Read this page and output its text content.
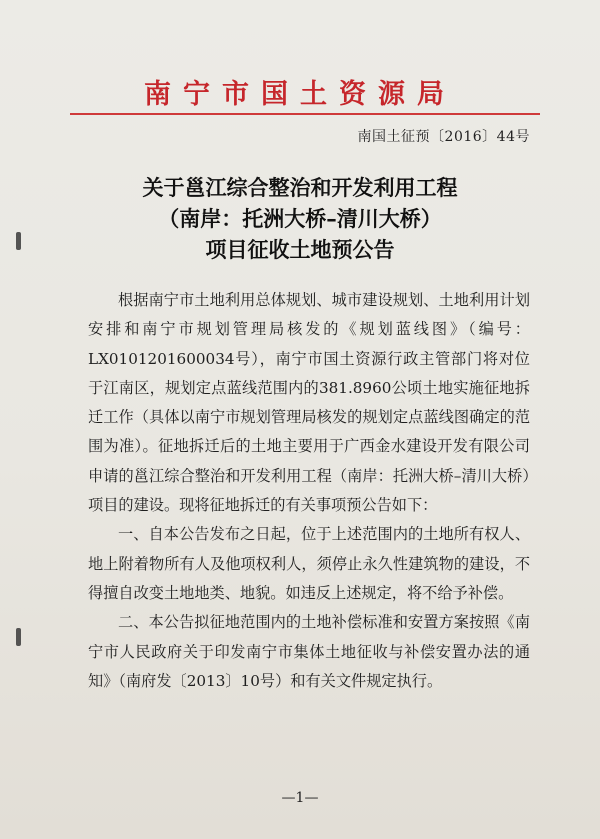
南宁市国土资源局
南国土征预〔2016〕44号
关于邕江综合整治和开发利用工程
（南岸：托洲大桥–清川大桥）
项目征收土地预公告

根据南宁市土地利用总体规划、城市建设规划、土地利用计划安排和南宁市规划管理局核发的《规划蓝线图》（编号：LX0101201600034号），南宁市国土资源行政主管部门将对位于江南区，规划定点蓝线范围内的381.8960公顷土地实施征地拆迁工作（具体以南宁市规划管理局核发的规划定点蓝线图确定的范围为准）。征地拆迁后的土地主要用于广西金水建设开发有限公司申请的邕江综合整治和开发利用工程（南岸：托洲大桥–清川大桥）项目的建设。现将征地拆迁的有关事项预公告如下：

一、自本公告发布之日起，位于上述范围内的土地所有权人、地上附着物所有人及他项权利人，须停止永久性建筑物的建设，不得擅自改变土地地类、地貌。如违反上述规定，将不给予补偿。

二、本公告拟征地范围内的土地补偿标准和安置方案按照《南宁市人民政府关于印发南宁市集体土地征收与补偿安置办法的通知》（南府发〔2013〕10号）和有关文件规定执行。

—1—
